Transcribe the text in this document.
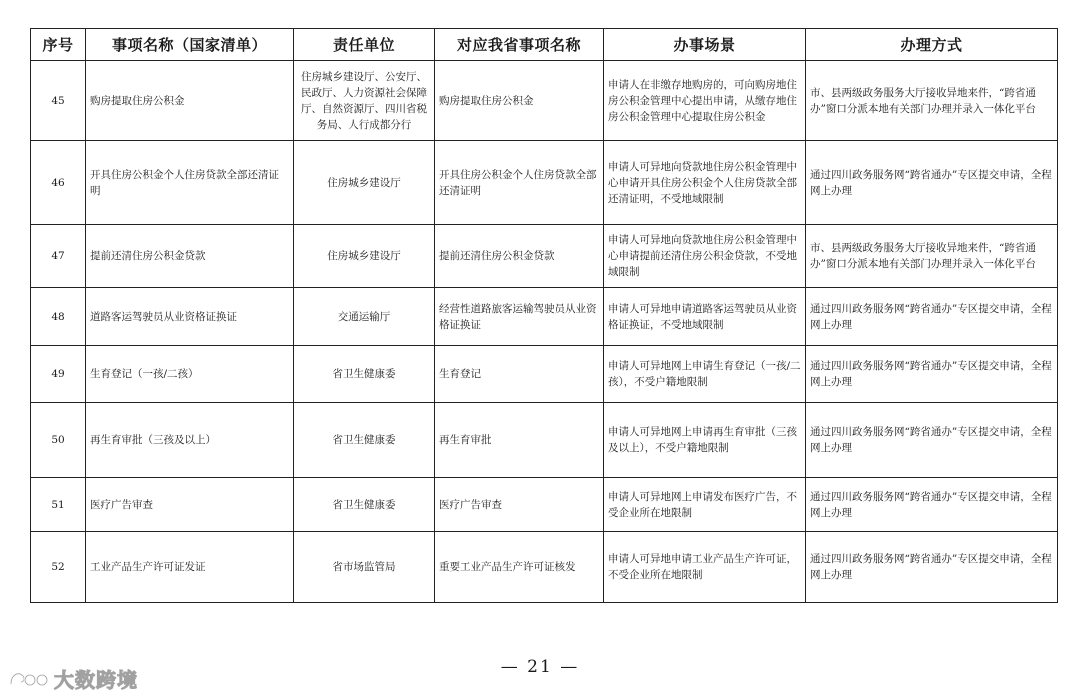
序号	事项名称（国家清单）	责任单位	对应我省事项名称	办事场景	办理方式
45	购房提取住房公积金	住房城乡建设厅、公安厅、民政厅、人力资源社会保障厅、自然资源厅、四川省税务局、人行成都分行	购房提取住房公积金	申请人在非缴存地购房的，可向购房地住房公积金管理中心提出申请，从缴存地住房公积金管理中心提取住房公积金	市、县两级政务服务大厅接收异地来件，“跨省通办”窗口分派本地有关部门办理并录入一体化平台
46	开具住房公积金个人住房贷款全部还清证明	住房城乡建设厅	开具住房公积金个人住房贷款全部还清证明	申请人可异地向贷款地住房公积金管理中心申请开具住房公积金个人住房贷款全部还清证明，不受地域限制	通过四川政务服务网“跨省通办”专区提交申请，全程网上办理
47	提前还清住房公积金贷款	住房城乡建设厅	提前还清住房公积金贷款	申请人可异地向贷款地住房公积金管理中心申请提前还清住房公积金贷款，不受地域限制	市、县两级政务服务大厅接收异地来件，“跨省通办”窗口分派本地有关部门办理并录入一体化平台
48	道路客运驾驶员从业资格证换证	交通运输厅	经营性道路旅客运输驾驶员从业资格证换证	申请人可异地申请道路客运驾驶员从业资格证换证，不受地域限制	通过四川政务服务网“跨省通办”专区提交申请，全程网上办理
49	生育登记（一孩/二孩）	省卫生健康委	生育登记	申请人可异地网上申请生育登记（一孩/二孩），不受户籍地限制	通过四川政务服务网“跨省通办”专区提交申请，全程网上办理
50	再生育审批（三孩及以上）	省卫生健康委	再生育审批	申请人可异地网上申请再生育审批（三孩及以上），不受户籍地限制	通过四川政务服务网“跨省通办”专区提交申请，全程网上办理
51	医疗广告审查	省卫生健康委	医疗广告审查	申请人可异地网上申请发布医疗广告，不受企业所在地限制	通过四川政务服务网“跨省通办”专区提交申请，全程网上办理
52	工业产品生产许可证发证	省市场监管局	重要工业产品生产许可证核发	申请人可异地申请工业产品生产许可证，不受企业所在地限制	通过四川政务服务网“跨省通办”专区提交申请，全程网上办理
— 21 —
大数跨境
